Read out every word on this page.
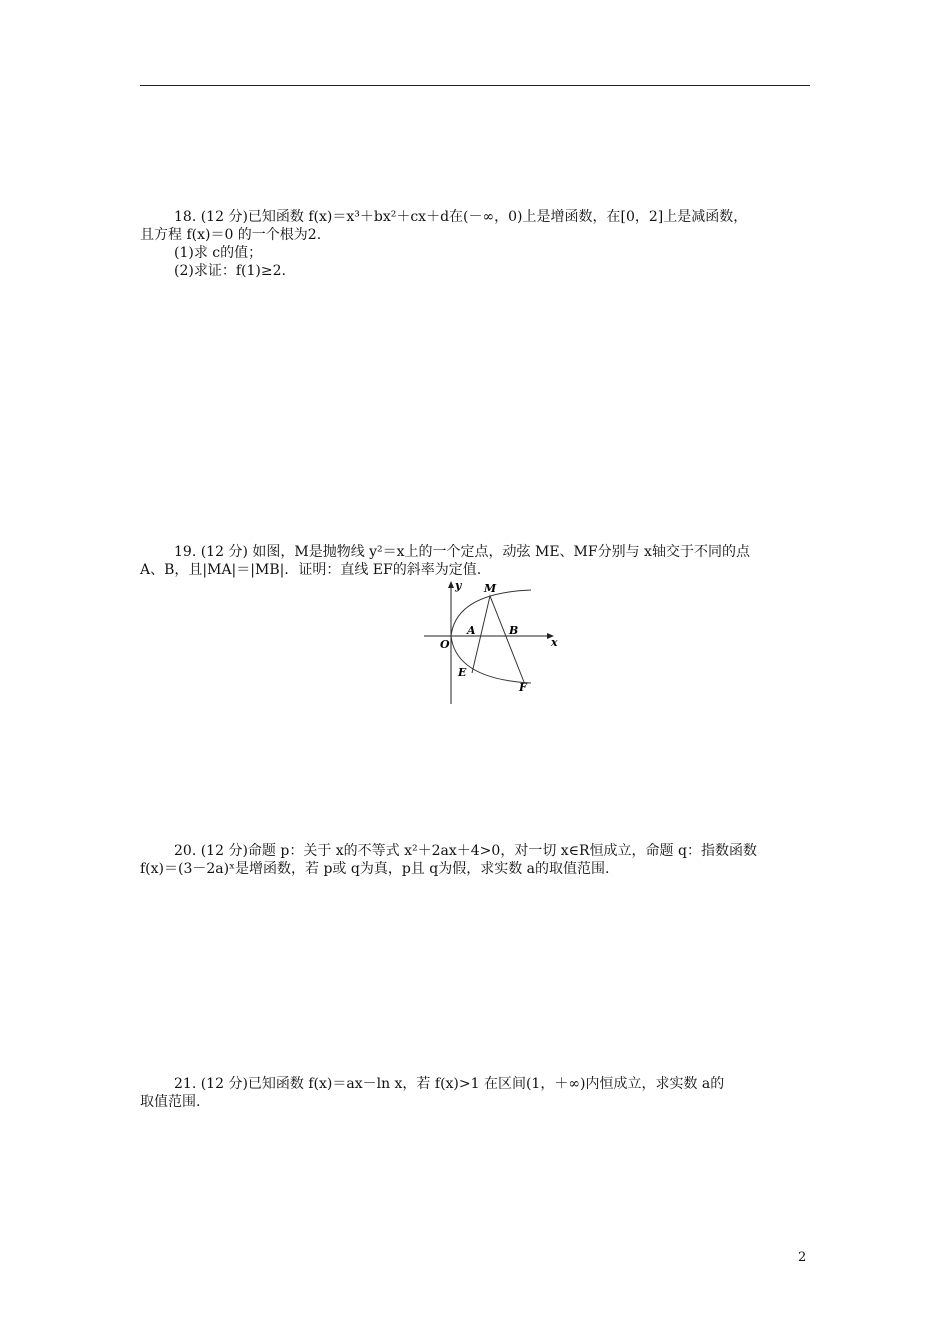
18. (12 分)已知函数 f(x)＝x³＋bx²＋cx＋d在(－∞，0)上是增函数，在[0，2]上是减函数，
且方程 f(x)＝0 的一个根为2.
(1)求 c的值；
(2)求证：f(1)≥2.
19. (12 分) 如图，M是抛物线 y²＝x上的一个定点，动弦 ME、MF分别与 x轴交于不同的点
A、B，且|MA|＝|MB|．证明：直线 EF的斜率为定值.
y
x
O
M
A	B
E
F
20. (12 分)命题 p：关于 x的不等式 x²＋2ax＋4>0，对一切 x∈R恒成立，命题 q：指数函数
f(x)＝(3－2a)ˣ是增函数，若 p或 q为真，p且 q为假，求实数 a的取值范围.
21. (12 分)已知函数 f(x)＝ax－ln x，若 f(x)>1 在区间(1，＋∞)内恒成立，求实数 a的
取值范围.
2
